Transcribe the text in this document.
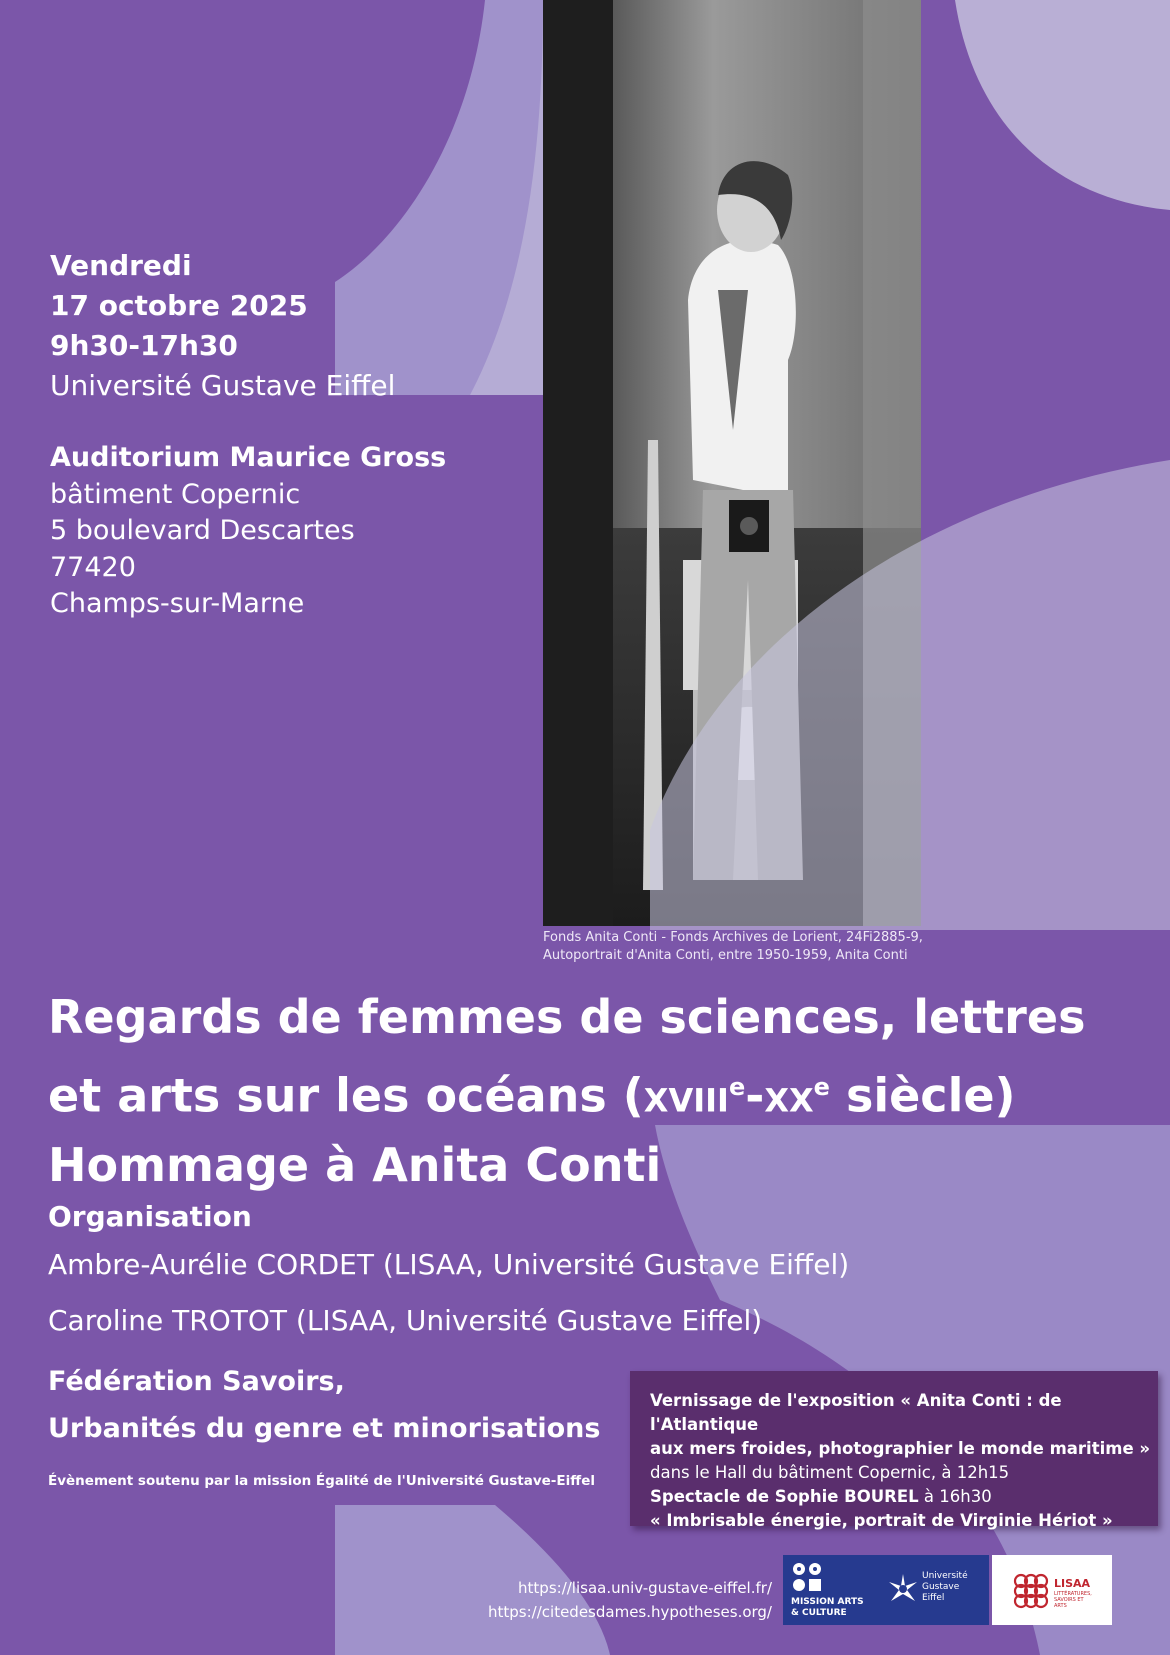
Vendredi
17 octobre 2025
9h30-17h30
Université Gustave Eiffel
Auditorium Maurice Gross
bâtiment Copernic
5 boulevard Descartes
77420
Champs-sur-Marne
Fonds Anita Conti - Fonds Archives de Lorient, 24Fi2885-9,
Autoportrait d'Anita Conti, entre 1950-1959, Anita Conti
Regards de femmes de sciences, lettres
et arts sur les océans ($xviii^e-xx^e$ siècle)
Hommage à Anita Conti
Organisation
Ambre-Aurélie CORDET (LISAA, Université Gustave Eiffel)
Caroline TROTOT (LISAA, Université Gustave Eiffel)
Fédération Savoirs,
Urbanités du genre et minorisations
Évènement soutenu par la mission Égalité de l'Université Gustave-Eiffel
Vernissage de l'exposition « Anita Conti : de l'Atlantique
aux mers froides, photographier le monde maritime »
dans le Hall du bâtiment Copernic, à 12h15
Spectacle de Sophie BOUREL à 16h30
« Imbrisable énergie, portrait de Virginie Hériot »
https://lisaa.univ-gustave-eiffel.fr/
https://citedesdames.hypotheses.org/
MISSION ARTS
& CULTURE
Université
Gustave
Eiffel
LISAA
LITTÉRATURES,
SAVOIRS ET
ARTS
